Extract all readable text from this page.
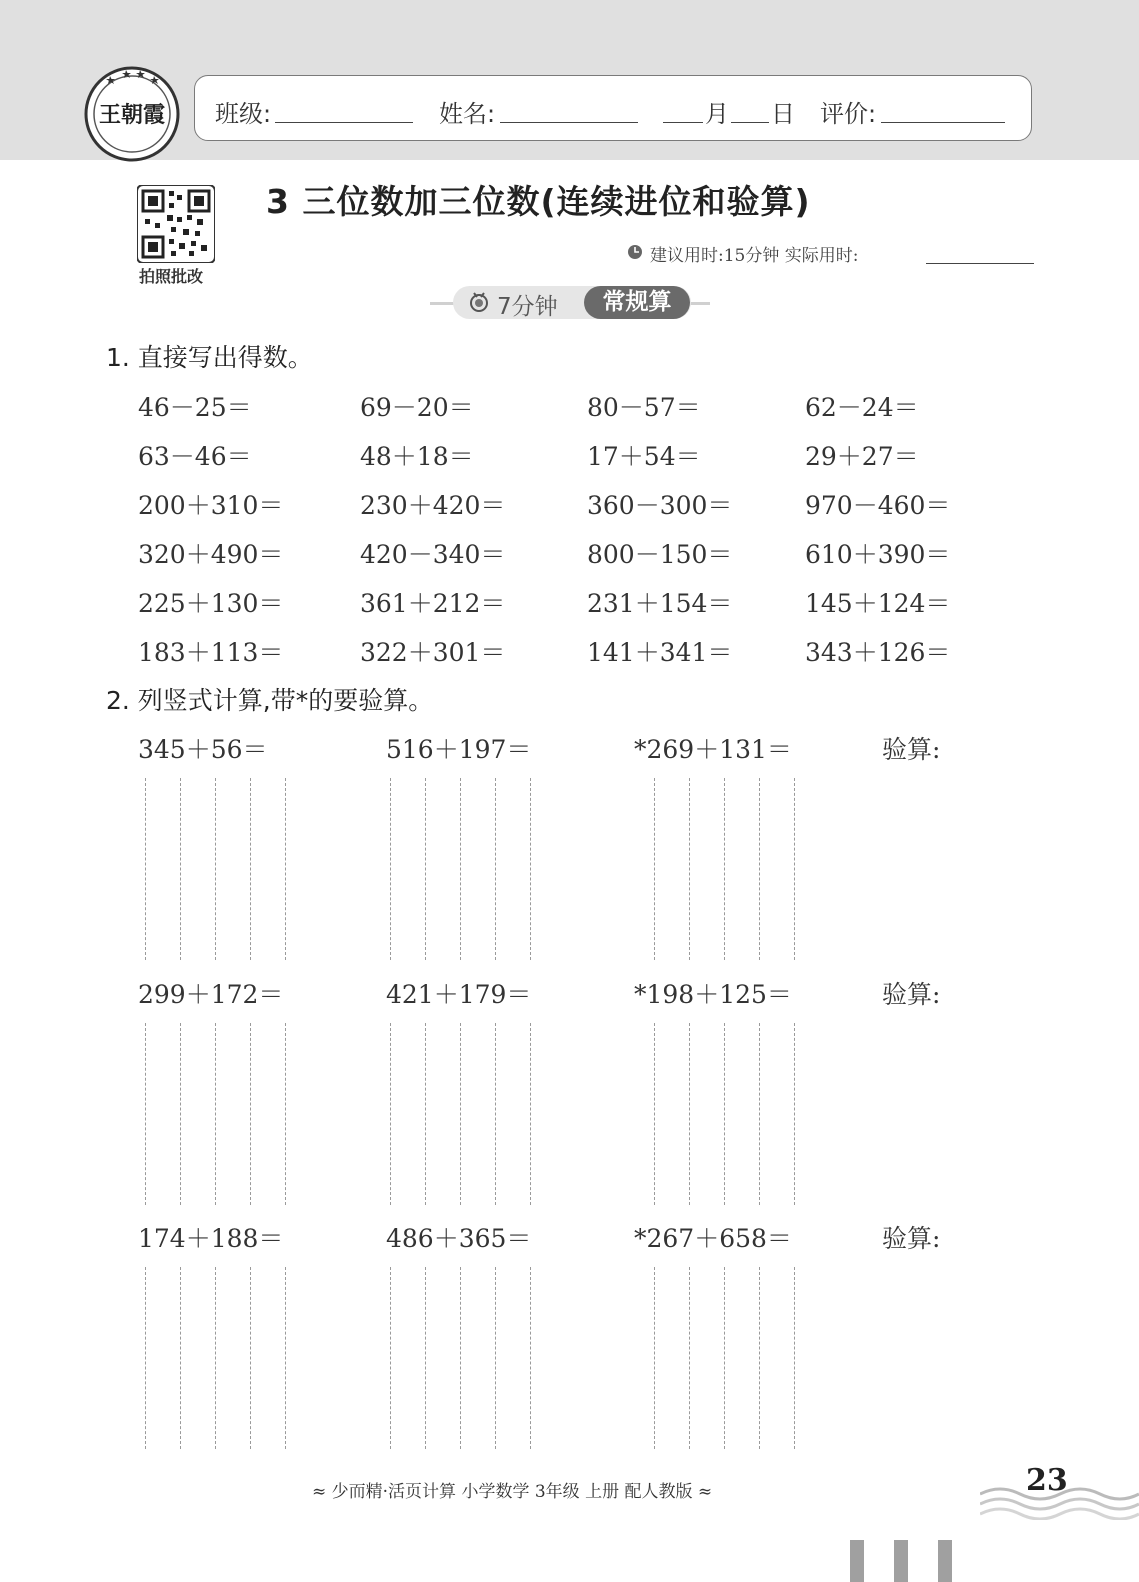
王朝霞 班级:	姓名:	月 日 评价:
拍照批改
3 三位数加三位数(连续进位和验算)
建议用时:15分钟 实际用时:
7分钟	常规算
1. 直接写出得数。
46－25＝	69－20＝	80－57＝	62－24＝
63－46＝	48＋18＝	17＋54＝	29＋27＝
200＋310＝	230＋420＝	360－300＝	970－460＝
320＋490＝	420－340＝	800－150＝	610＋390＝
225＋130＝	361＋212＝	231＋154＝	145＋124＝
183＋113＝	322＋301＝	141＋341＝	343＋126＝
2. 列竖式计算,带*的要验算。
345＋56＝	516＋197＝	*269＋131＝	验算:
299＋172＝	421＋179＝	*198＋125＝	验算:
174＋188＝	486＋365＝	*267＋658＝	验算:
≈ 少而精·活页计算 小学数学 3年级 上册 配人教版 ≈	23
